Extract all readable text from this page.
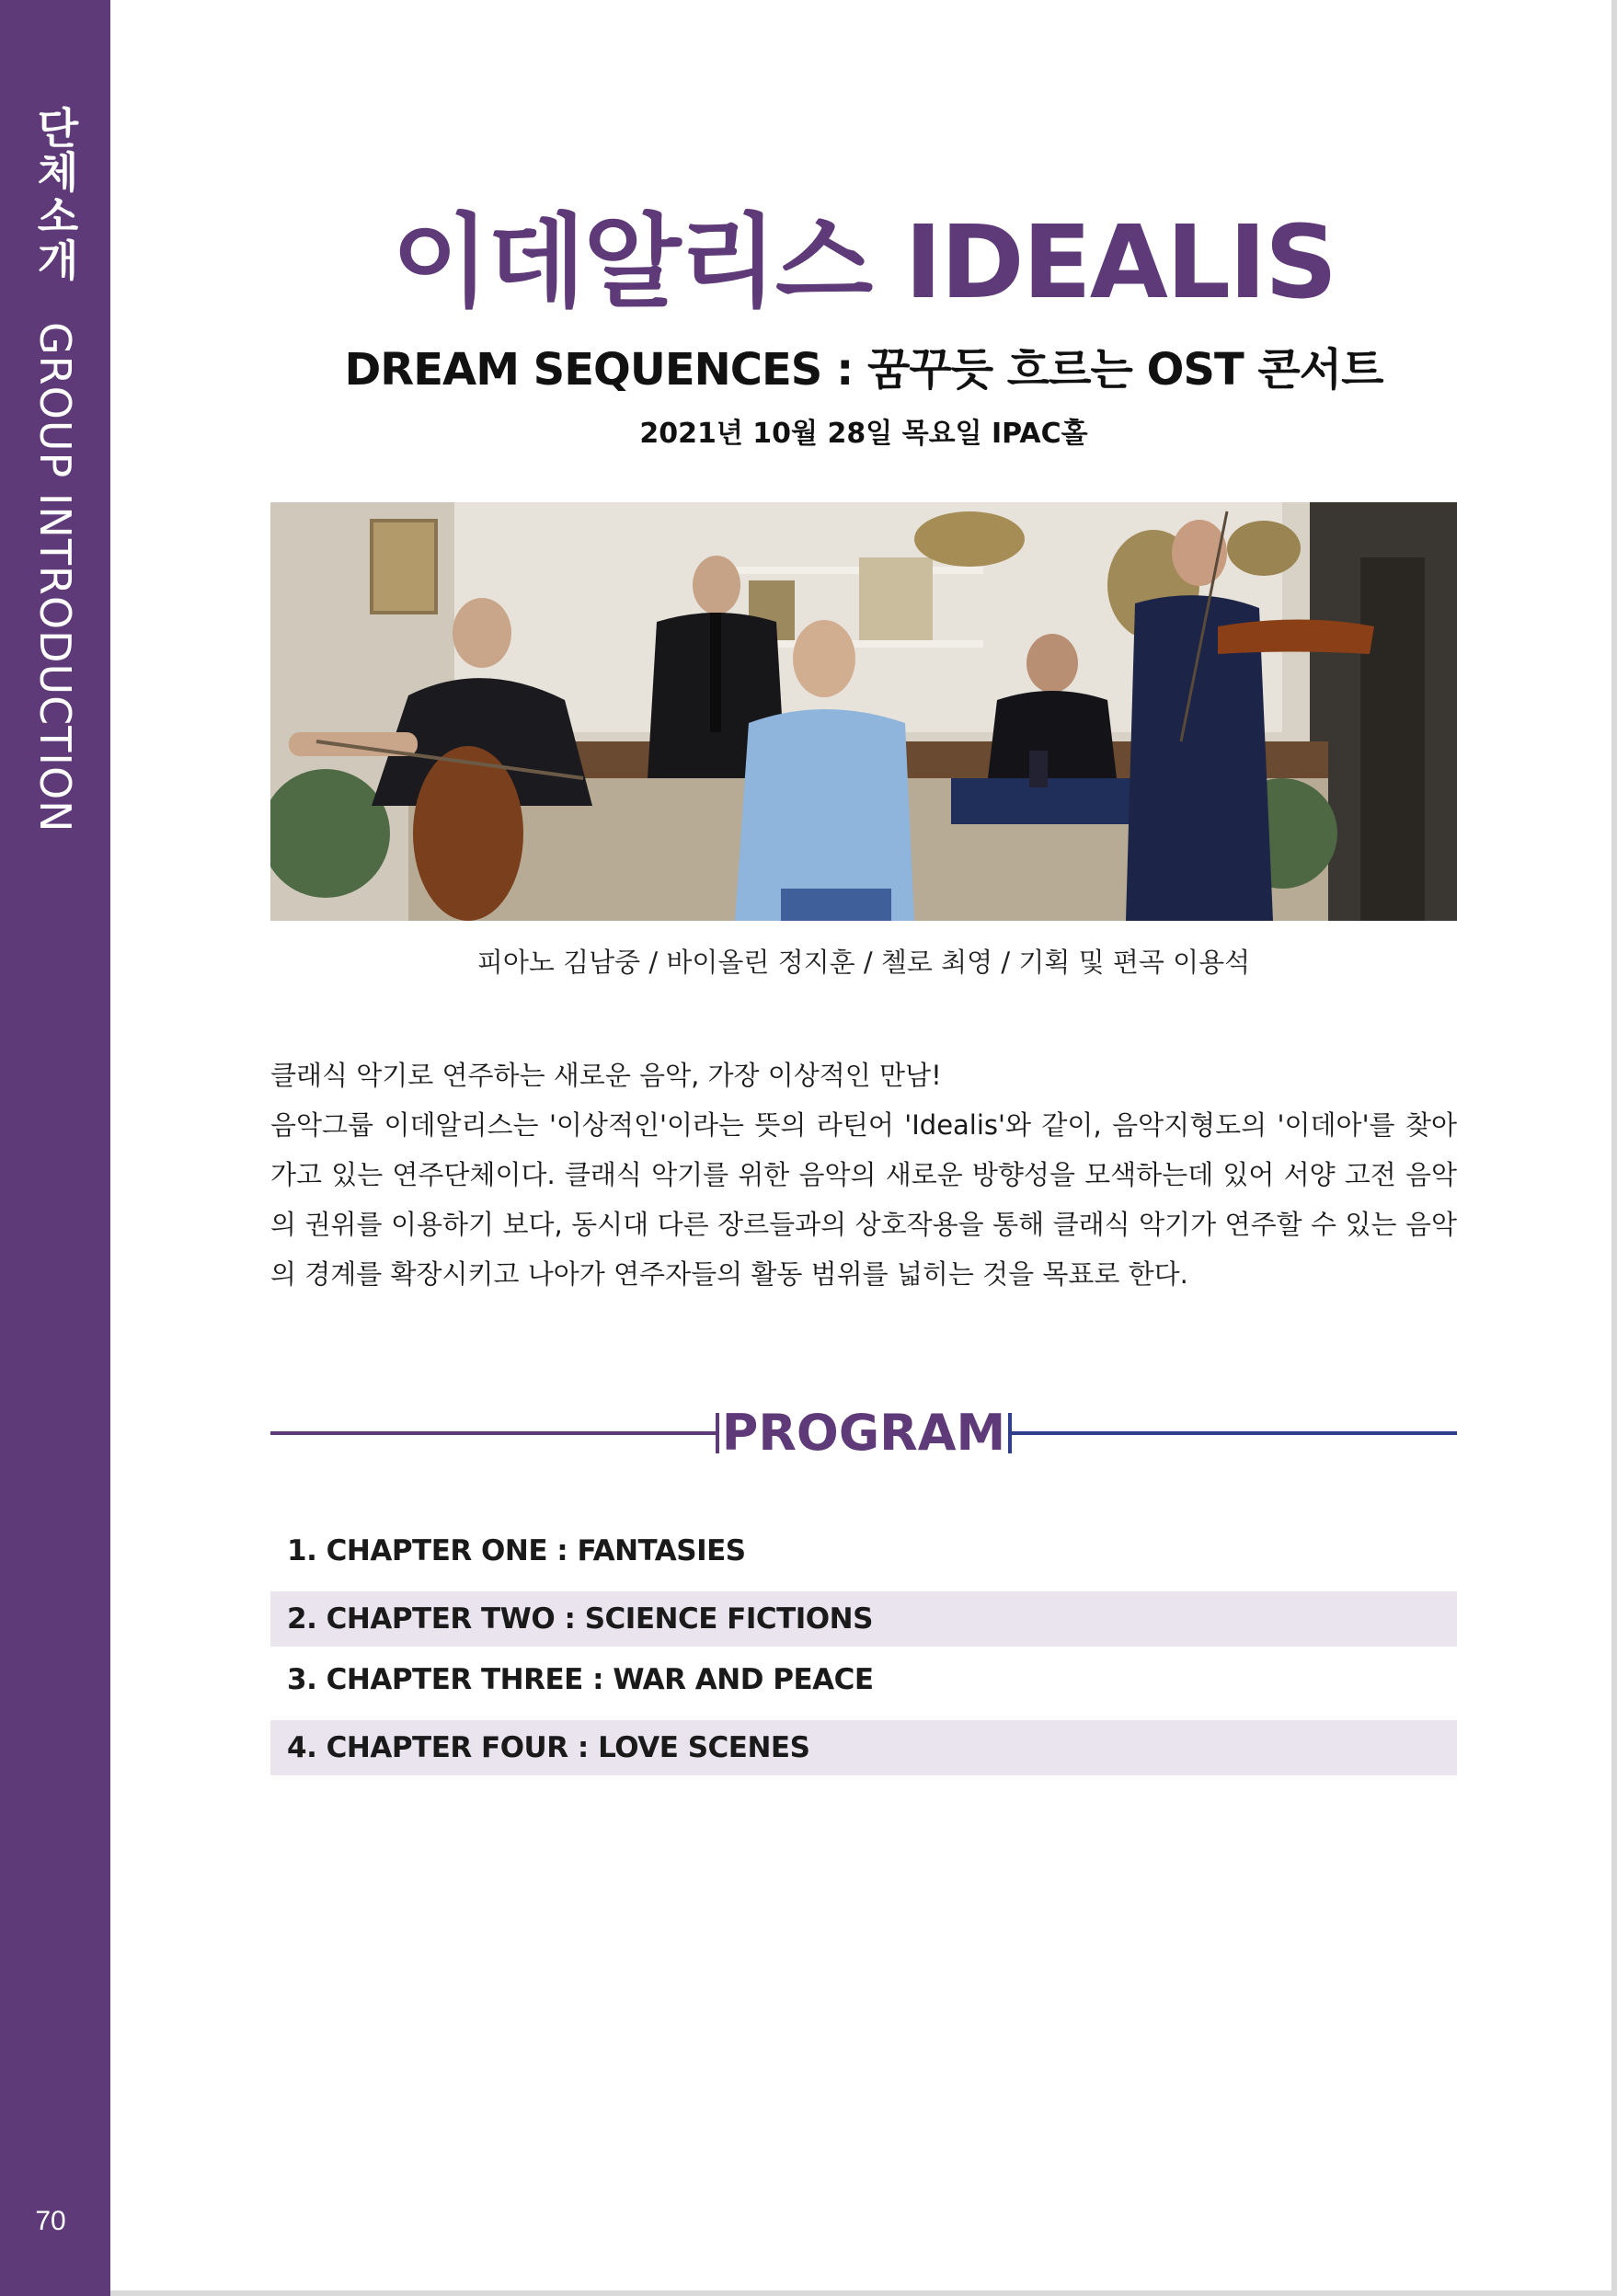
단체소개 GROUP INTRODUCTION
70
이데알리스 IDEALIS
DREAM SEQUENCES : 꿈꾸듯 흐르는 OST 콘서트
2021년 10월 28일 목요일 IPAC홀
피아노 김남중 / 바이올린 정지훈 / 첼로 최영 / 기획 및 편곡 이용석

클래식 악기로 연주하는 새로운 음악, 가장 이상적인 만남!

음악그룹 이데알리스는 '이상적인'이라는 뜻의 라틴어 'Idealis'와 같이, 음악지형도의 '이데아'를 찾아가고 있는 연주단체이다. 클래식 악기를 위한 음악의 새로운 방향성을 모색하는데 있어 서양 고전 음악의 권위를 이용하기 보다, 동시대 다른 장르들과의 상호작용을 통해 클래식 악기가 연주할 수 있는 음악의 경계를 확장시키고 나아가 연주자들의 활동 범위를 넓히는 것을 목표로 한다.

PROGRAM
1. CHAPTER ONE : FANTASIES
2. CHAPTER TWO : SCIENCE FICTIONS
3. CHAPTER THREE : WAR AND PEACE
4. CHAPTER FOUR : LOVE SCENES
